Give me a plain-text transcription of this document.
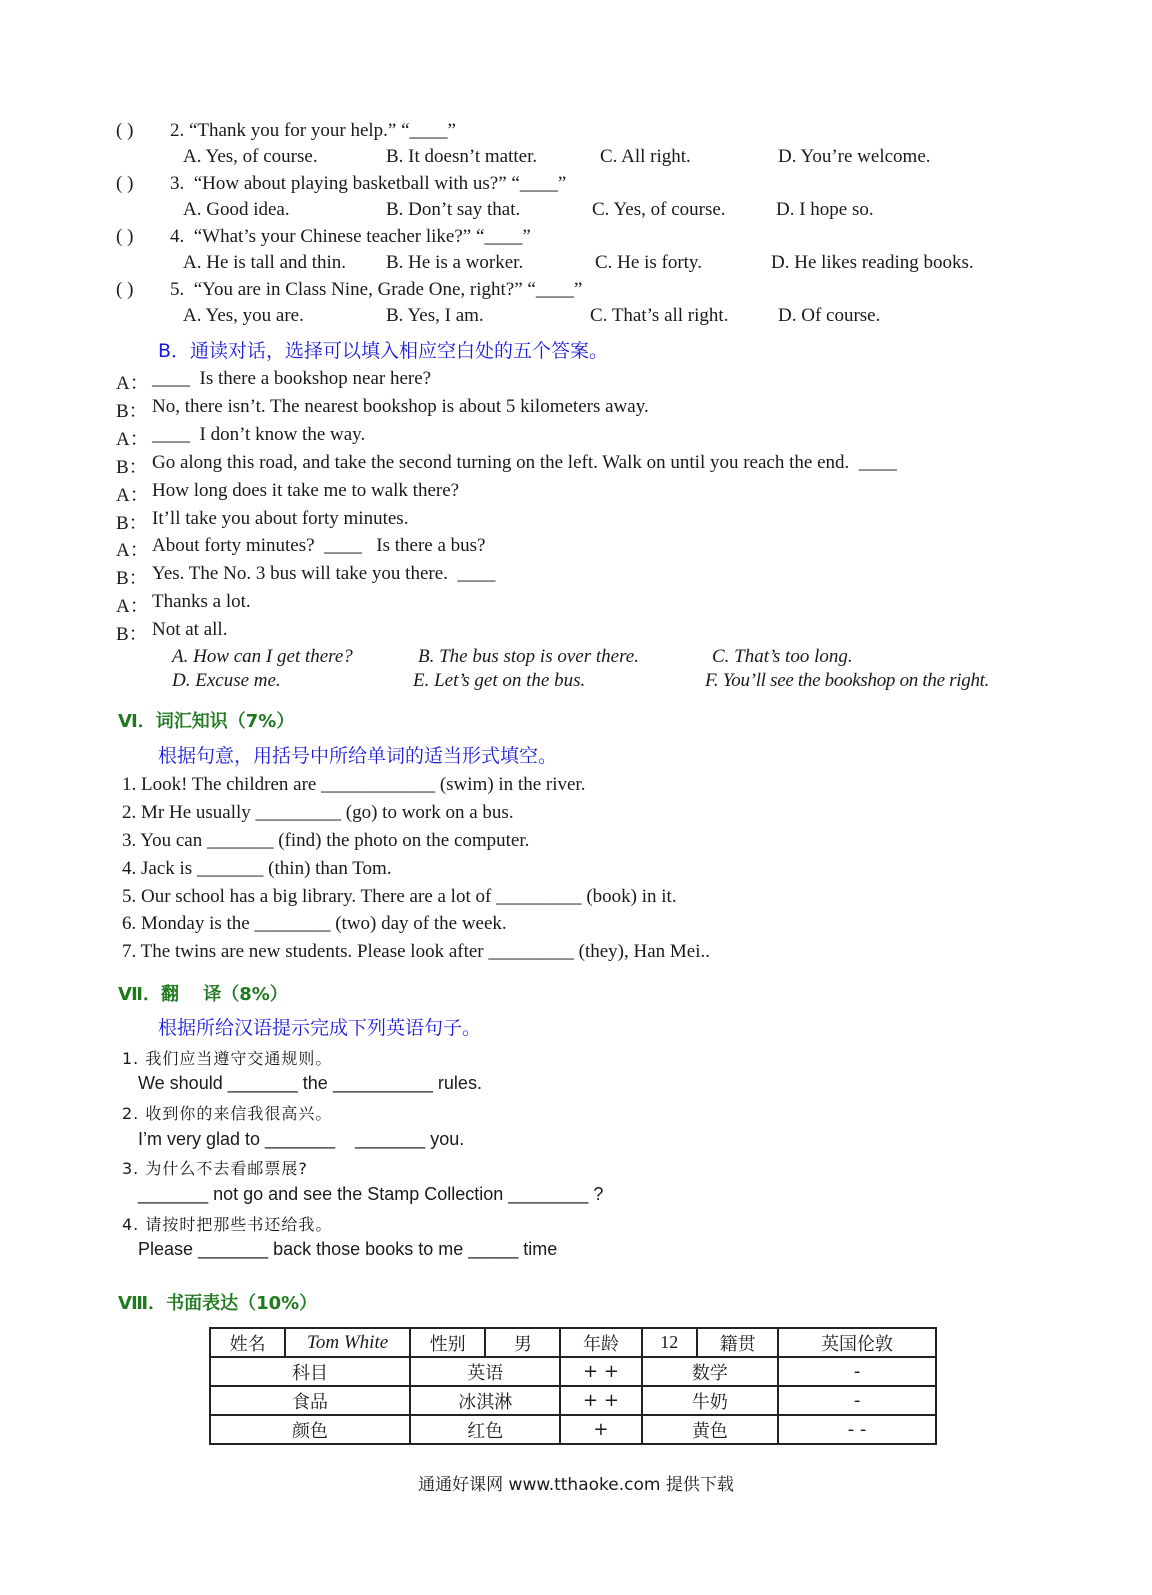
( ) 2. “Thank you for your help.” “____”
A. Yes, of course.	B. It doesn’t matter.	C. All right.	D. You’re welcome.
( ) 3.  “How about playing basketball with us?” “____”
A. Good idea.	B. Don’t say that.	C. Yes, of course.	D. I hope so.
( ) 4.  “What’s your Chinese teacher like?” “____”
A. He is tall and thin. B. He is a worker.	C. He is forty.	D. He likes reading books.
( ) 5.  “You are in Class Nine, Grade One, right?” “____”
A. Yes, you are.	B. Yes, I am.	C. That’s all right.	D. Of course.
B．通读对话，选择可以填入相应空白处的五个答案。
A： ____  Is there a bookshop near here?
B： No, there isn’t. The nearest bookshop is about 5 kilometers away.
A： ____  I don’t know the way.
B： Go along this road, and take the second turning on the left. Walk on until you reach the end.  ____
A： How long does it take me to walk there?
B： It’ll take you about forty minutes.
A： About forty minutes?  ____   Is there a bus?
B： Yes. The No. 3 bus will take you there.  ____
A： Thanks a lot.
B： Not at all.
A. How can I get there?	B. The bus stop is over there.	C. That’s too long.
D. Excuse me.	E. Let’s get on the bus.	F. You’ll see the bookshop on the right.
Ⅵ．词汇知识（7%）
根据句意，用括号中所给单词的适当形式填空。
1. Look! The children are ____________ (swim) in the river.
2. Mr He usually _________ (go) to work on a bus.
3. You can _______ (find) the photo on the computer.
4. Jack is _______ (thin) than Tom.
5. Our school has a big library. There are a lot of _________ (book) in it.
6. Monday is the ________ (two) day of the week.
7. The twins are new students. Please look after _________ (they), Han Mei..
Ⅶ．翻　 译（8%）
根据所给汉语提示完成下列英语句子。
1. 我们应当遵守交通规则。
We should _______ the __________ rules.
2. 收到你的来信我很高兴。
I’m very glad to _______    _______ you.
3. 为什么不去看邮票展?
_______ not go and see the Stamp Collection ________ ?
4. 请按时把那些书还给我。
Please _______ back those books to me _____ time
Ⅷ．书面表达（10%）
姓名	Tom White	性别	男	年龄	12	籍贯	英国伦敦
科目		英语		+ +	数学		-
食品		冰淇淋		+ +	牛奶		-
颜色		红色		+	黄色		- -
通通好课网 www.tthaoke.com 提供下载
